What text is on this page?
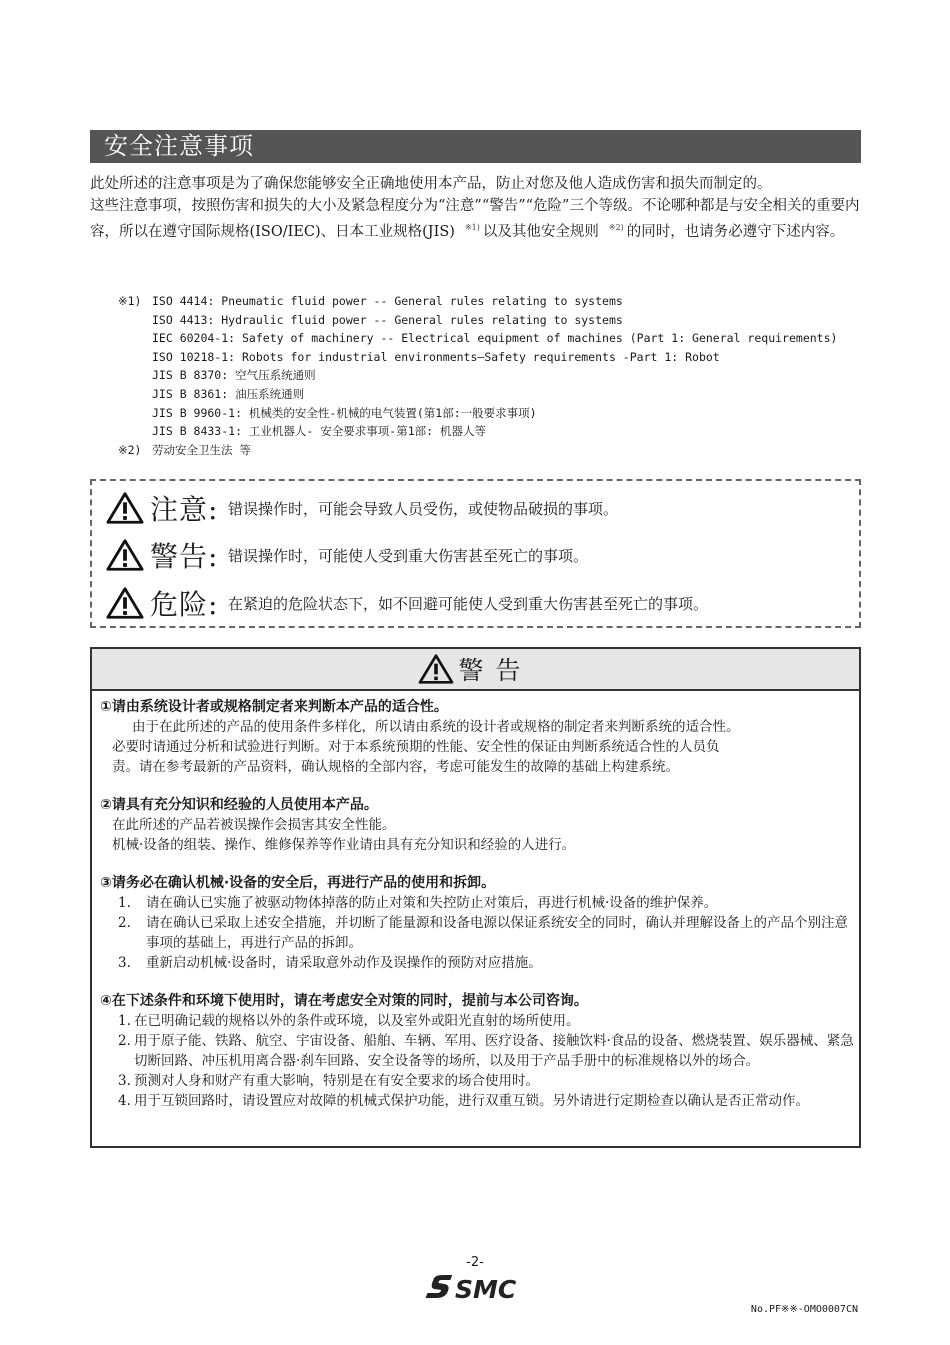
安全注意事项

此处所述的注意事项是为了确保您能够安全正确地使用本产品，防止对您及他人造成伤害和损失而制定的。

这些注意事项，按照伤害和损失的大小及紧急程度分为“注意”“警告”“危险”三个等级。不论哪种都是与安全相关的重要内容，所以在遵守国际规格(ISO/IEC)、日本工业规格(JIS) $^{※1)}$ 以及其他安全规则 $^{※2)}$ 的同时，也请务必遵守下述内容。

※1) ISO 4414: Pneumatic fluid power -- General rules relating to systems
ISO 4413: Hydraulic fluid power -- General rules relating to systems
IEC 60204-1: Safety of machinery -- Electrical equipment of machines (Part 1: General requirements)
ISO 10218-1: Robots for industrial environments—Safety requirements -Part 1: Robot
JIS B 8370: 空气压系统通则
JIS B 8361: 油压系统通则
JIS B 9960-1: 机械类的安全性-机械的电气装置(第1部:一般要求事项)
JIS B 8433-1: 工业机器人- 安全要求事项-第1部: 机器人等
※2) 劳动安全卫生法 等
注意: 错误操作时，可能会导致人员受伤，或使物品破损的事项。
警告: 错误操作时，可能使人受到重大伤害甚至死亡的事项。
危险: 在紧迫的危险状态下，如不回避可能使人受到重大伤害甚至死亡的事项。
警告
①请由系统设计者或规格制定者来判断本产品的适合性。
由于在此所述的产品的使用条件多样化，所以请由系统的设计者或规格的制定者来判断系统的适合性。
必要时请通过分析和试验进行判断。对于本系统预期的性能、安全性的保证由判断系统适合性的人员负
责。请在参考最新的产品资料，确认规格的全部内容，考虑可能发生的故障的基础上构建系统。
②请具有充分知识和经验的人员使用本产品。
在此所述的产品若被误操作会损害其安全性能。
机械·设备的组装、操作、维修保养等作业请由具有充分知识和经验的人进行。
③请务必在确认机械·设备的安全后，再进行产品的使用和拆卸。
1.	请在确认已实施了被驱动物体掉落的防止对策和失控防止对策后，再进行机械·设备的维护保养。
2.	请在确认已采取上述安全措施，并切断了能量源和设备电源以保证系统安全的同时，确认并理解设备上的产品个别注意事项的基础上，再进行产品的拆卸。
3.	重新启动机械·设备时，请采取意外动作及误操作的预防对应措施。
④在下述条件和环境下使用时，请在考虑安全对策的同时，提前与本公司咨询。
1. 在已明确记载的规格以外的条件或环境，以及室外或阳光直射的场所使用。
2. 用于原子能、铁路、航空、宇宙设备、船舶、车辆、军用、医疗设备、接触饮料·食品的设备、燃烧装置、娱乐器械、紧急切断回路、冲压机用离合器·刹车回路、安全设备等的场所，以及用于产品手册中的标准规格以外的场合。
3. 预测对人身和财产有重大影响，特别是在有安全要求的场合使用时。
4. 用于互锁回路时，请设置应对故障的机械式保护功能，进行双重互锁。另外请进行定期检查以确认是否正常动作。
-2-
SMC
No.PF※※-OMO0007CN
